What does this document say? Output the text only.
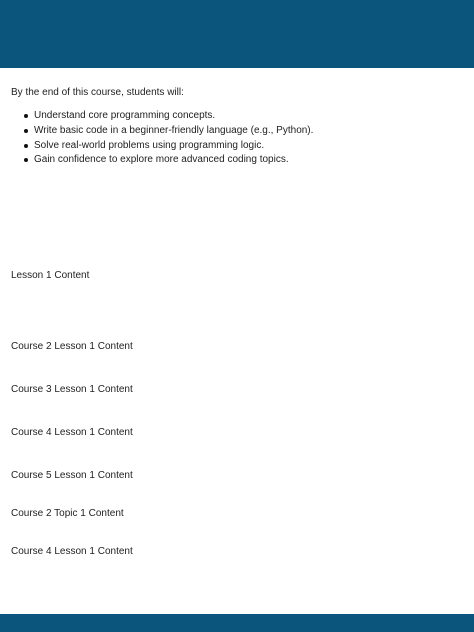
By the end of this course, students will:

Understand core programming concepts.
Write basic code in a beginner-friendly language (e.g., Python).
Solve real-world problems using programming logic.
Gain confidence to explore more advanced coding topics.

Lesson 1 Content

Course 2 Lesson 1 Content

Course 3 Lesson 1 Content

Course 4 Lesson 1 Content

Course 5 Lesson 1 Content

Course 2 Topic 1 Content

Course 4 Lesson 1 Content
